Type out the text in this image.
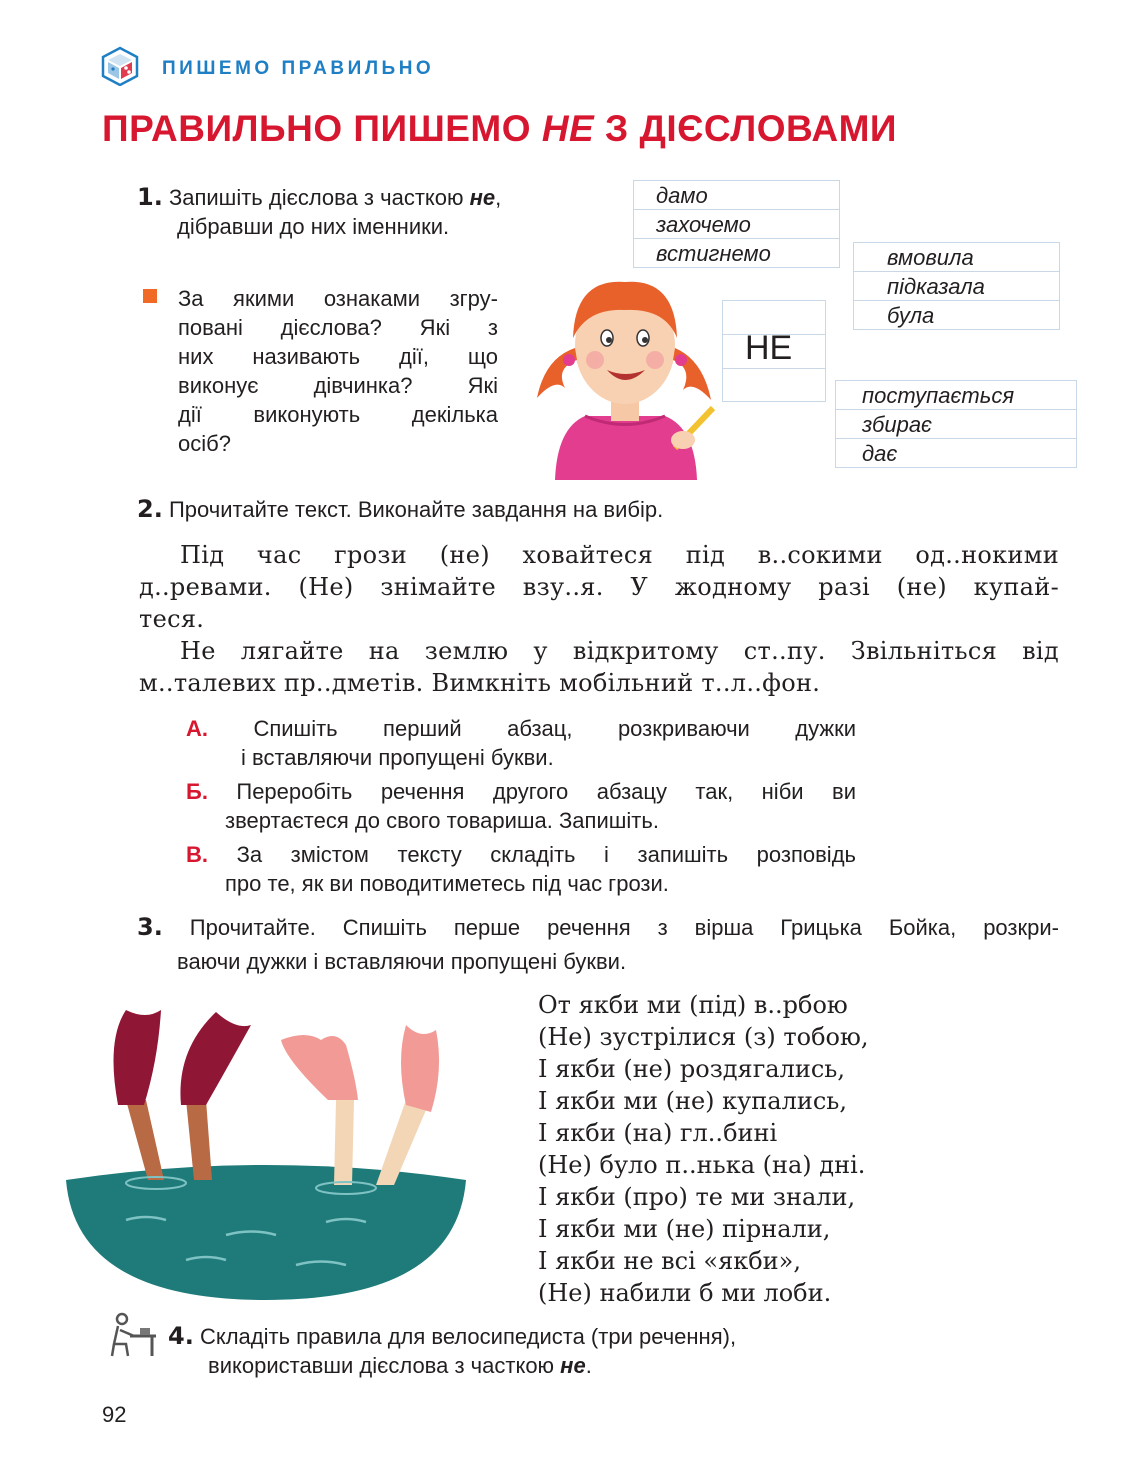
ПИШЕМО ПРАВИЛЬНО
ПРАВИЛЬНО ПИШЕМО НЕ З ДІЄСЛОВАМИ
1. Запишіть дієслова з часткою не,
дібравши до них іменники.
За якими ознаками згру-
повані дієслова? Які з
них називають дії, що
виконує дівчинка? Які
дії виконують декілька
осіб?
дамо
захочемо
встигнемо	вмовила
підказала
була
НЕ
поступається
збирає
дає
2. Прочитайте текст. Виконайте завдання на вибір.
Під час грози (не) ховайтеся під в..сокими од..нокими
д..ревами. (Не) знімайте взу..я. У жодному разі (не) купай-
теся.
Не лягайте на землю у відкритому ст..пу. Звільніться від
м..талевих пр..дметів. Вимкніть мобільний т..л..фон.
А. Спишіть перший абзац, розкриваючи дужки
і вставляючи пропущені букви.
Б. Переробіть речення другого абзацу так, ніби ви
звертаєтеся до свого товариша. Запишіть.
В. За змістом тексту складіть і запишіть розповідь
про те, як ви поводитиметесь під час грози.
3. Прочитайте. Спишіть перше речення з вірша Грицька Бойка, розкри-
ваючи дужки і вставляючи пропущені букви.
От якби ми (під) в..рбою
(Не) зустрілися (з) тобою,
І якби (не) роздягались,
І якби ми (не) купались,
І якби (на) гл..бині
(Не) було п..нька (на) дні.
І якби (про) те ми знали,
І якби ми (не) пірнали,
І якби не всі «якби»,
(Не) набили б ми лоби.
4. Складіть правила для велосипедиста (три речення),
використавши дієслова з часткою не.
92
